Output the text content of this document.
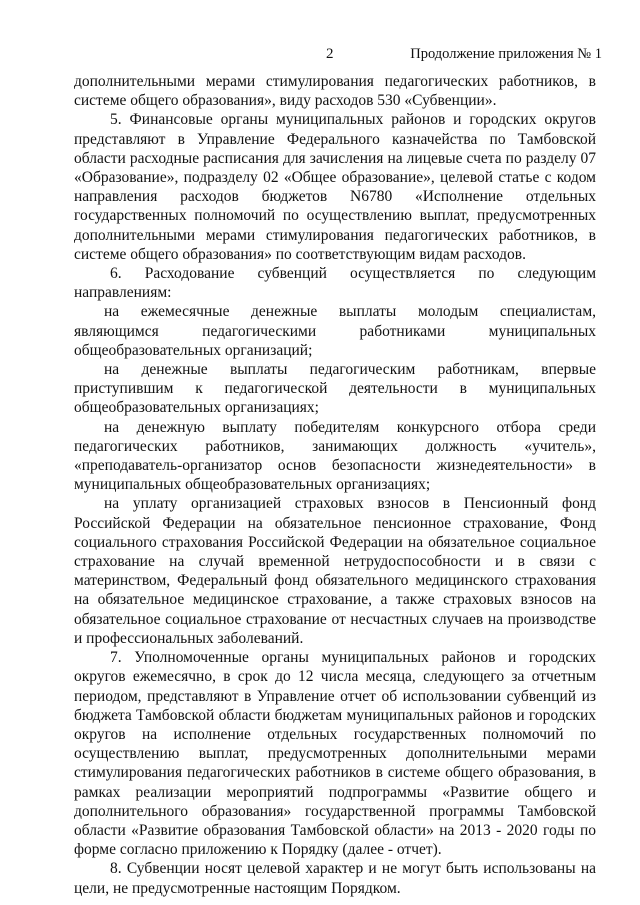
2	Продолжение приложения № 1

дополнительными мерами стимулирования педагогических работников, в системе общего образования», виду расходов 530 «Субвенции».

5. Финансовые органы муниципальных районов и городских округов представляют в Управление Федерального казначейства по Тамбовской области расходные расписания для зачисления на лицевые счета по разделу 07 «Образование», подразделу 02 «Общее образование», целевой статье с кодом направления расходов бюджетов N6780 «Исполнение отдельных государственных полномочий по осуществлению выплат, предусмотренных дополнительными мерами стимулирования педагогических работников, в системе общего образования» по соответствующим видам расходов.

6. Расходование субвенций осуществляется по следующим направлениям:

на ежемесячные денежные выплаты молодым специалистам, являющимся педагогическими работниками муниципальных общеобразовательных организаций;

на денежные выплаты педагогическим работникам, впервые приступившим к педагогической деятельности в муниципальных общеобразовательных организациях;

на денежную выплату победителям конкурсного отбора среди педагогических работников, занимающих должность «учитель», «преподаватель-организатор основ безопасности жизнедеятельности» в муниципальных общеобразовательных организациях;

на уплату организацией страховых взносов в Пенсионный фонд Российской Федерации на обязательное пенсионное страхование, Фонд социального страхования Российской Федерации на обязательное социальное страхование на случай временной нетрудоспособности и в связи с материнством, Федеральный фонд обязательного медицинского страхования на обязательное медицинское страхование, а также страховых взносов на обязательное социальное страхование от несчастных случаев на производстве и профессиональных заболеваний.

7. Уполномоченные органы муниципальных районов и городских округов ежемесячно, в срок до 12 числа месяца, следующего за отчетным периодом, представляют в Управление отчет об использовании субвенций из бюджета Тамбовской области бюджетам муниципальных районов и городских округов на исполнение отдельных государственных полномочий по осуществлению выплат, предусмотренных дополнительными мерами стимулирования педагогических работников в системе общего образования, в рамках реализации мероприятий подпрограммы «Развитие общего и дополнительного образования» государственной программы Тамбовской области «Развитие образования Тамбовской области» на 2013 - 2020 годы по форме согласно приложению к Порядку (далее - отчет).

8. Субвенции носят целевой характер и не могут быть использованы на цели, не предусмотренные настоящим Порядком.
